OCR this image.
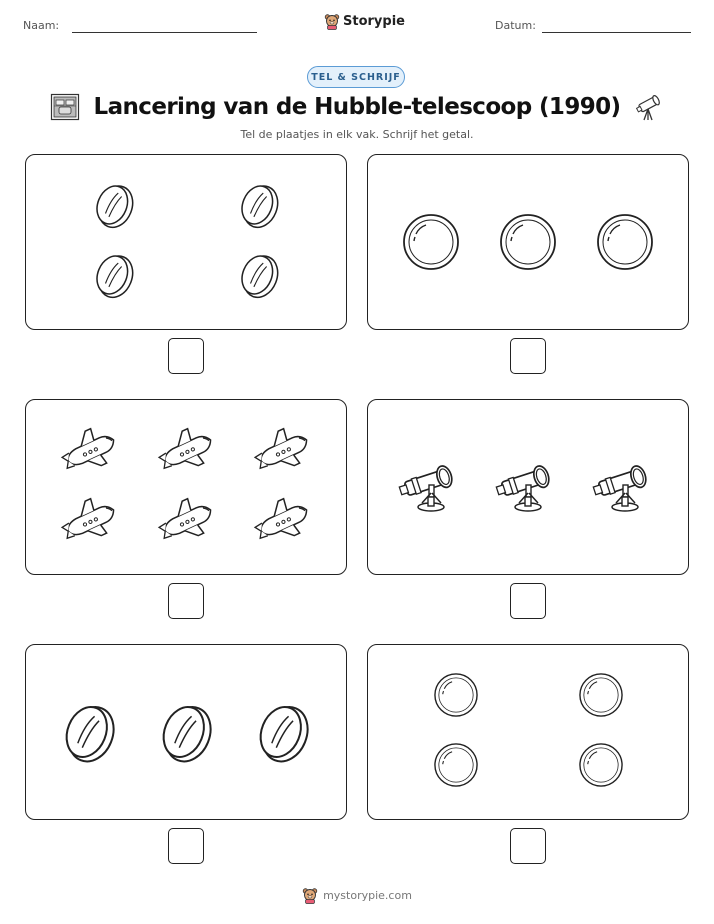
Naam:	Storypie	Datum:
TEL & SCHRIJF
Lancering van de Hubble-telescoop (1990)
Tel de plaatjes in elk vak. Schrijf het getal.
mystorypie.com
